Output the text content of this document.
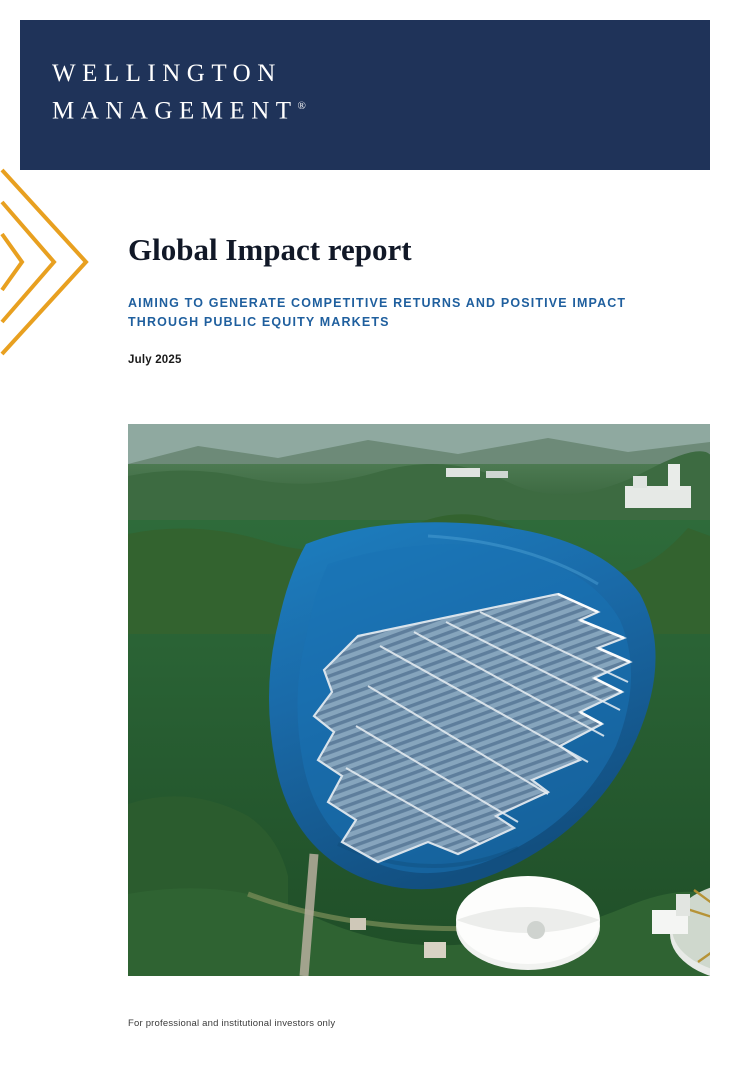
WELLINGTON
MANAGEMENT®
Global Impact report
AIMING TO GENERATE COMPETITIVE RETURNS AND POSITIVE IMPACT THROUGH PUBLIC EQUITY MARKETS
July 2025
For professional and institutional investors only
